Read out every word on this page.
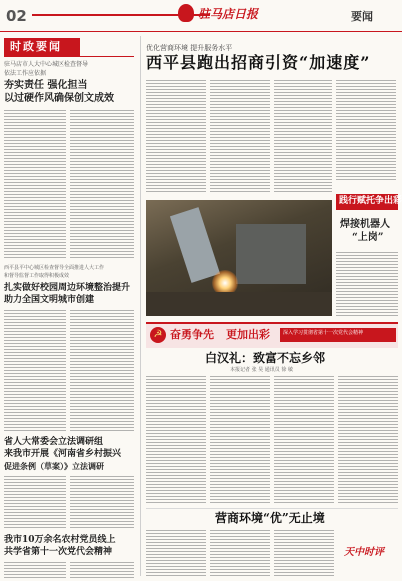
02	驻马店日报	要闻
时政要闻
驻马店市人大中心城区检查督导
依法工作应依据
夯实责任 强化担当
以过硬作风确保创文成效
西平县平中心城区检查督导全面推进人大工作
和督导监督工作取得积极成效
扎实做好校园周边环境整治提升
助力全国文明城市创建
省人大常委会立法调研组
来我市开展《河南省乡村振兴
促进条例（草案）》立法调研
我市10万余名农村党员线上
共学省第十一次党代会精神
优化营商环境 提升服务水平
西平县跑出招商引资“加速度”
践行赋托争出彩
焊接机器人
“上岗”
☭ 奋勇争先 更加出彩	深入学习贯彻省第十一次党代会精神
白汉礼：致富不忘乡邻
本报记者 张 昊 通讯员 徐 敏
营商环境“优”无止境
天中时评
